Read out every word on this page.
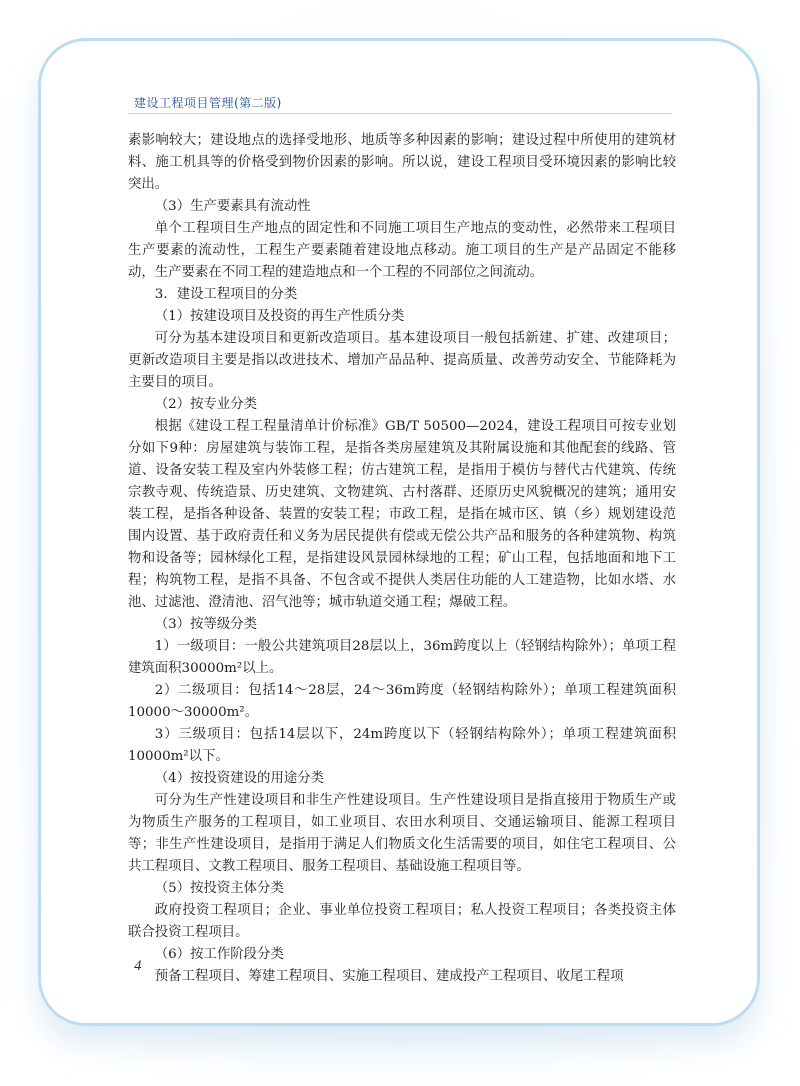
建设工程项目管理(第二版)

素影响较大；建设地点的选择受地形、地质等多种因素的影响；建设过程中所使用的建筑材料、施工机具等的价格受到物价因素的影响。所以说，建设工程项目受环境因素的影响比较突出。

（3）生产要素具有流动性

单个工程项目生产地点的固定性和不同施工项目生产地点的变动性，必然带来工程项目生产要素的流动性，工程生产要素随着建设地点移动。施工项目的生产是产品固定不能移动，生产要素在不同工程的建造地点和一个工程的不同部位之间流动。

3．建设工程项目的分类

（1）按建设项目及投资的再生产性质分类

可分为基本建设项目和更新改造项目。基本建设项目一般包括新建、扩建、改建项目；更新改造项目主要是指以改进技术、增加产品品种、提高质量、改善劳动安全、节能降耗为主要目的项目。

（2）按专业分类

根据《建设工程工程量清单计价标准》GB/T 50500—2024，建设工程项目可按专业划分如下9种：房屋建筑与装饰工程，是指各类房屋建筑及其附属设施和其他配套的线路、管道、设备安装工程及室内外装修工程；仿古建筑工程，是指用于模仿与替代古代建筑、传统宗教寺观、传统造景、历史建筑、文物建筑、古村落群、还原历史风貌概况的建筑；通用安装工程，是指各种设备、装置的安装工程；市政工程，是指在城市区、镇（乡）规划建设范围内设置、基于政府责任和义务为居民提供有偿或无偿公共产品和服务的各种建筑物、构筑物和设备等；园林绿化工程，是指建设风景园林绿地的工程；矿山工程，包括地面和地下工程；构筑物工程，是指不具备、不包含或不提供人类居住功能的人工建造物，比如水塔、水池、过滤池、澄清池、沼气池等；城市轨道交通工程；爆破工程。

（3）按等级分类

1）一级项目：一般公共建筑项目28层以上，36m跨度以上（轻钢结构除外）；单项工程建筑面积30000m²以上。

2）二级项目：包括14～28层，24～36m跨度（轻钢结构除外）；单项工程建筑面积10000～30000m²。

3）三级项目：包括14层以下，24m跨度以下（轻钢结构除外）；单项工程建筑面积10000m²以下。

（4）按投资建设的用途分类

可分为生产性建设项目和非生产性建设项目。生产性建设项目是指直接用于物质生产或为物质生产服务的工程项目，如工业项目、农田水利项目、交通运输项目、能源工程项目等；非生产性建设项目，是指用于满足人们物质文化生活需要的项目，如住宅工程项目、公共工程项目、文教工程项目、服务工程项目、基础设施工程项目等。

（5）按投资主体分类

政府投资工程项目；企业、事业单位投资工程项目；私人投资工程项目；各类投资主体联合投资工程项目。

（6）按工作阶段分类

预备工程项目、筹建工程项目、实施工程项目、建成投产工程项目、收尾工程项

4
